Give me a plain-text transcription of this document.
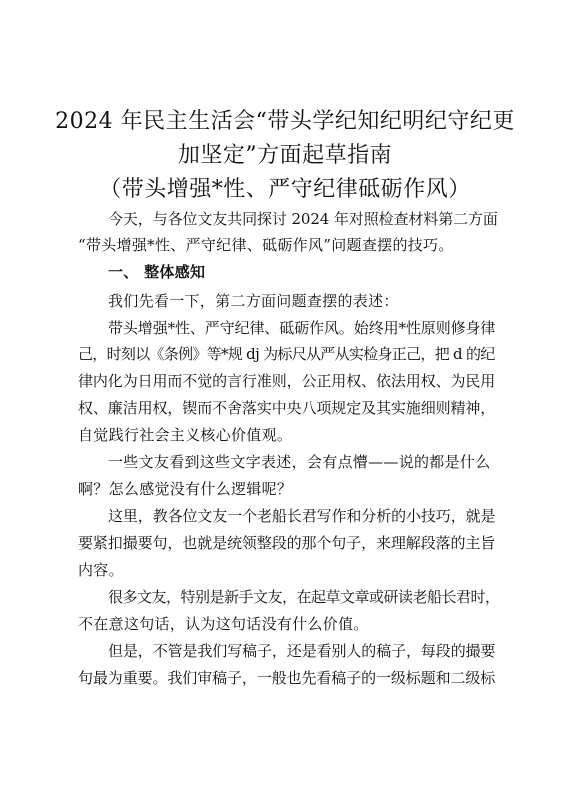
2024 年民主生活会“带头学纪知纪明纪守纪更
加坚定”方面起草指南
（带头增强*性、严守纪律砥砺作风）
今天，与各位文友共同探讨 2024 年对照检查材料第二方面
“带头增强*性、严守纪律、砥砺作风”问题查摆的技巧。
一、 整体感知
我们先看一下，第二方面问题查摆的表述：
带头增强*性、严守纪律、砥砺作风。始终用*性原则修身律
己，时刻以《条例》等*规 dj 为标尺从严从实检身正己，把 d 的纪
律内化为日用而不觉的言行准则，公正用权、依法用权、为民用
权、廉洁用权，锲而不舍落实中央八项规定及其实施细则精神，
自觉践行社会主义核心价值观。
一些文友看到这些文字表述，会有点懵——说的都是什么
啊？怎么感觉没有什么逻辑呢？
这里，教各位文友一个老船长君写作和分析的小技巧，就是
要紧扣撮要句，也就是统领整段的那个句子，来理解段落的主旨
内容。
很多文友，特别是新手文友，在起草文章或研读老船长君时，
不在意这句话，认为这句话没有什么价值。
但是，不管是我们写稿子，还是看别人的稿子，每段的撮要
句最为重要。我们审稿子，一般也先看稿子的一级标题和二级标
